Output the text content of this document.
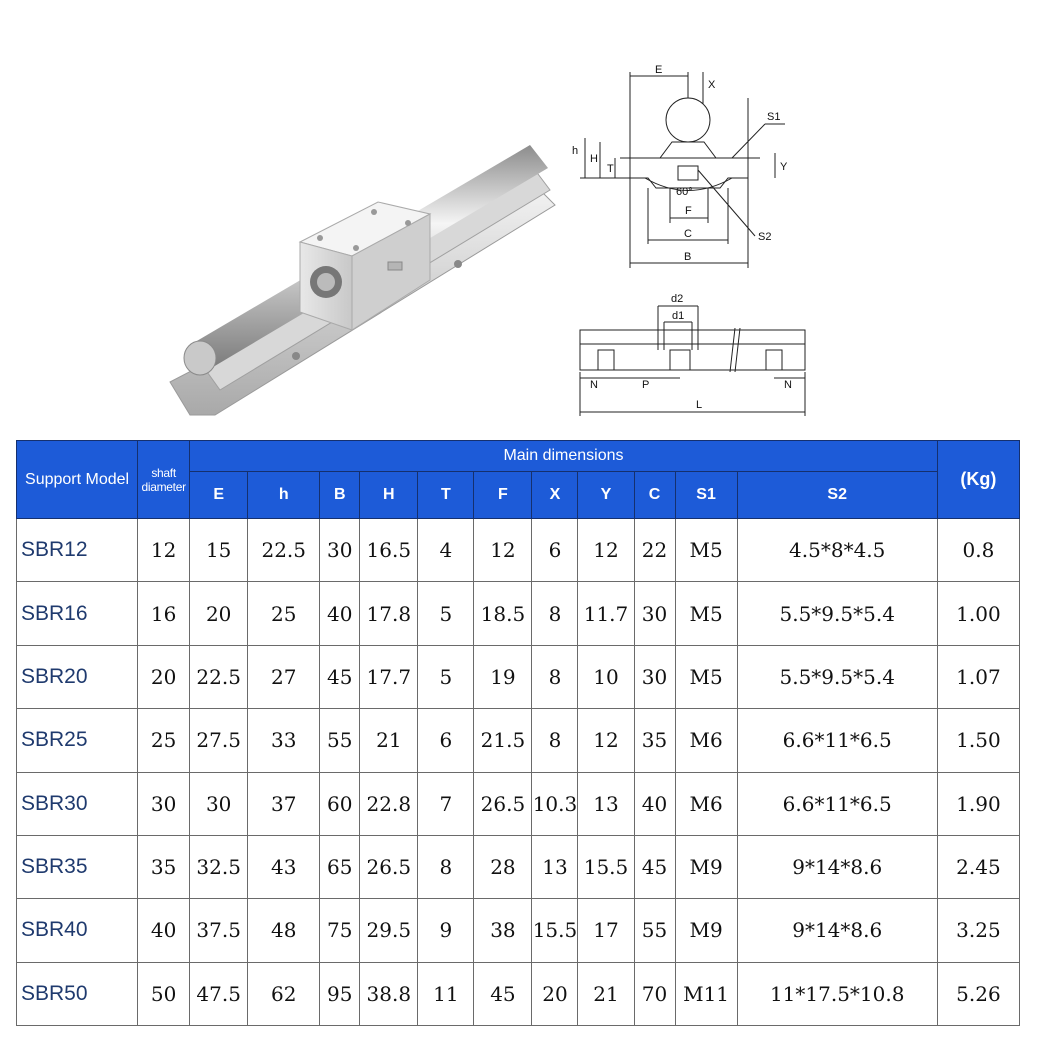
E
X
S1
h
H
T	Y
60°
F
C
B
S2
d2
d1
N	P	N
L
Support Model	shaft diameter	Main dimensions											(Kg)
		E	h	B	H	T	F	X	Y	C	S1	S2	
SBR12	12	15	22.5	30	16.5	4	12	6	12	22	M5	4.5*8*4.5	0.8
SBR16	16	20	25	40	17.8	5	18.5	8	11.7	30	M5	5.5*9.5*5.4	1.00
SBR20	20	22.5	27	45	17.7	5	19	8	10	30	M5	5.5*9.5*5.4	1.07
SBR25	25	27.5	33	55	21	6	21.5	8	12	35	M6	6.6*11*6.5	1.50
SBR30	30	30	37	60	22.8	7	26.5	10.3	13	40	M6	6.6*11*6.5	1.90
SBR35	35	32.5	43	65	26.5	8	28	13	15.5	45	M9	9*14*8.6	2.45
SBR40	40	37.5	48	75	29.5	9	38	15.5	17	55	M9	9*14*8.6	3.25
SBR50	50	47.5	62	95	38.8	11	45	20	21	70	M11	11*17.5*10.8	5.26
